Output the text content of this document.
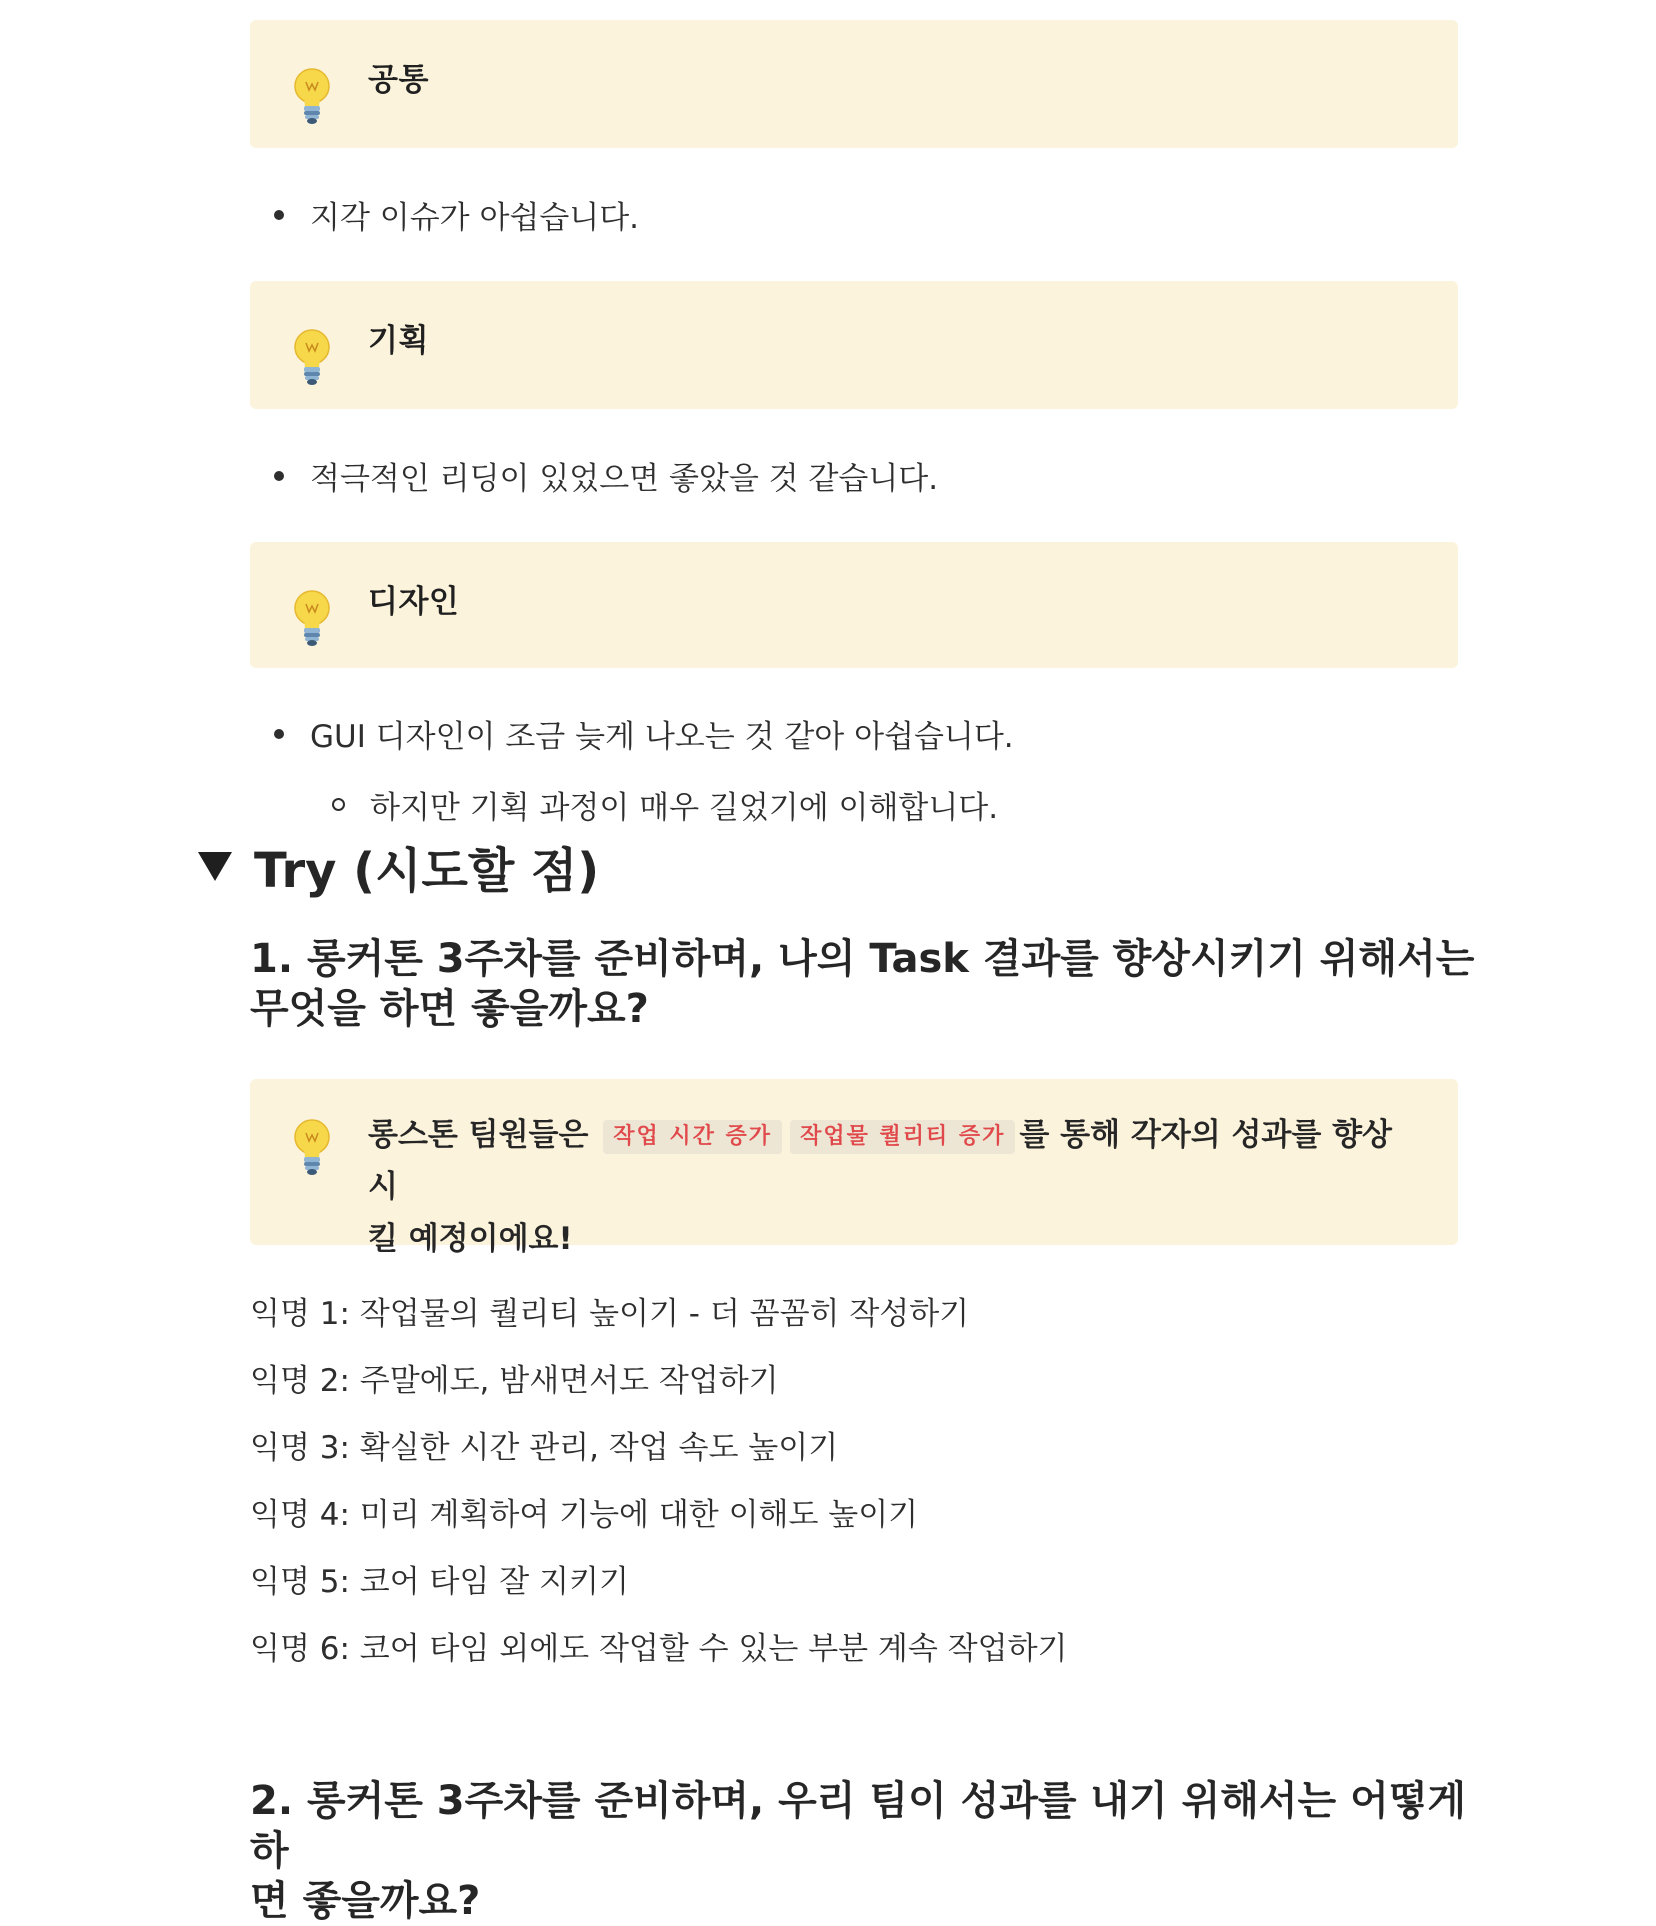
공통
지각 이슈가 아쉽습니다.
기획
적극적인 리딩이 있었으면 좋았을 것 같습니다.
디자인
GUI 디자인이 조금 늦게 나오는 것 같아 아쉽습니다.
하지만 기획 과정이 매우 길었기에 이해합니다.
Try (시도할 점)
1. 롱커톤 3주차를 준비하며, 나의 Task 결과를 향상시키기 위해서는
무엇을 하면 좋을까요?
롱스톤 팀원들은 작업 시간 증가 작업물 퀄리티 증가 를 통해 각자의 성과를 향상시
킬 예정이에요!
익명 1: 작업물의 퀄리티 높이기 - 더 꼼꼼히 작성하기
익명 2: 주말에도, 밤새면서도 작업하기
익명 3: 확실한 시간 관리, 작업 속도 높이기
익명 4: 미리 계획하여 기능에 대한 이해도 높이기
익명 5: 코어 타임 잘 지키기
익명 6: 코어 타임 외에도 작업할 수 있는 부분 계속 작업하기
2. 롱커톤 3주차를 준비하며, 우리 팀이 성과를 내기 위해서는 어떻게 하
면 좋을까요?
